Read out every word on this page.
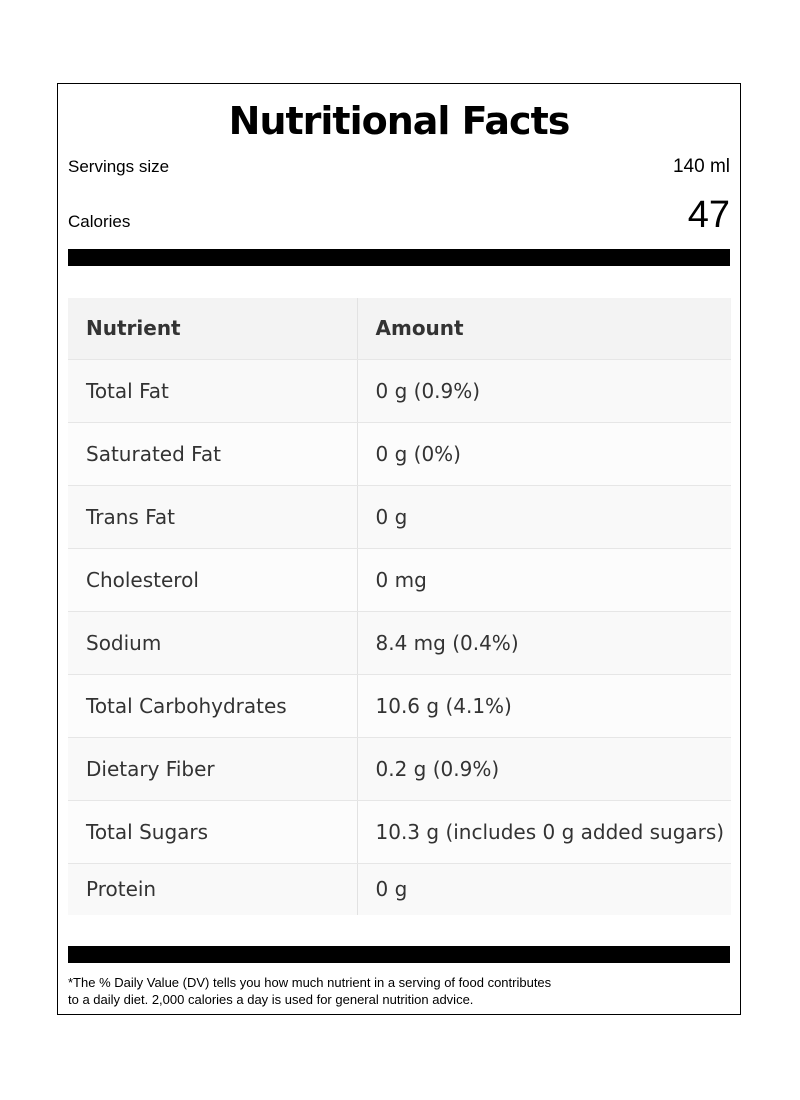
Nutritional Facts
Servings size	140 ml
Calories	47
Nutrient	Amount
Total Fat	0 g (0.9%)
Saturated Fat	0 g (0%)
Trans Fat	0 g
Cholesterol	0 mg
Sodium	8.4 mg (0.4%)
Total Carbohydrates	10.6 g (4.1%)
Dietary Fiber	0.2 g (0.9%)
Total Sugars	10.3 g (includes 0 g added sugars)
Protein	0 g
*The % Daily Value (DV) tells you how much nutrient in a serving of food contributes
to a daily diet. 2,000 calories a day is used for general nutrition advice.
